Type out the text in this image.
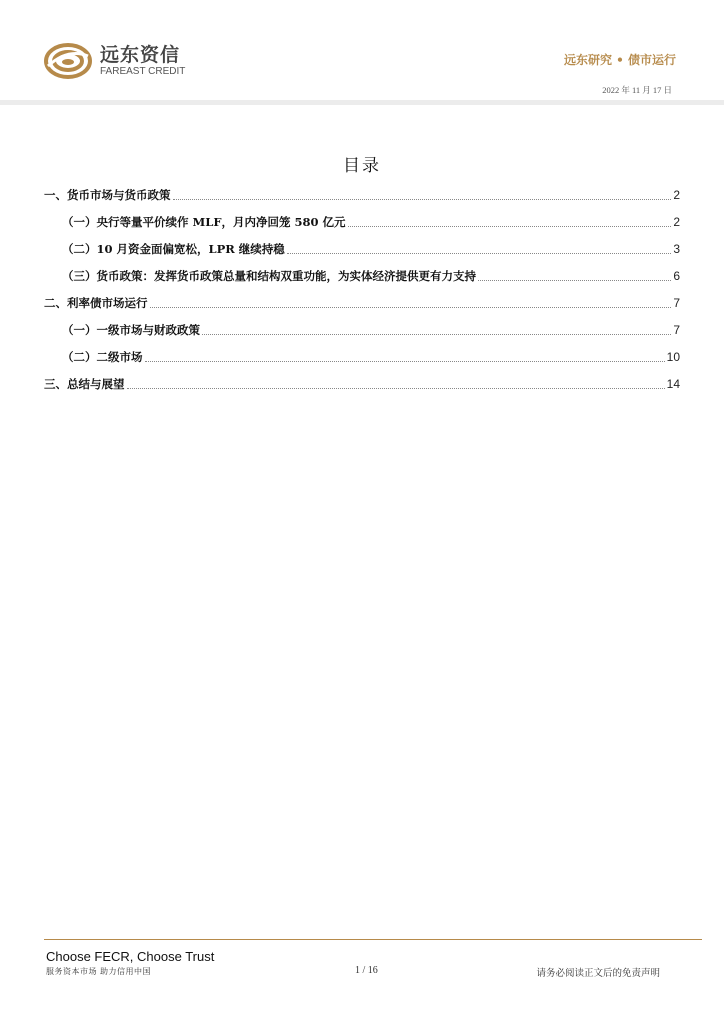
远东资信
FAREAST CREDIT
远东研究 • 债市运行
2022 年 11 月 17 日
目录
一、货币市场与货币政策	2
（一）央行等量平价续作 MLF，月内净回笼 580 亿元	2
（二）10 月资金面偏宽松，LPR 继续持稳	3
（三）货币政策：发挥货币政策总量和结构双重功能，为实体经济提供更有力支持	6
二、利率债市场运行	7
（一）一级市场与财政政策	7
（二）二级市场	10
三、总结与展望	14
Choose FECR, Choose Trust
服务资本市场 助力信用中国	1 / 16	请务必阅读正文后的免责声明
